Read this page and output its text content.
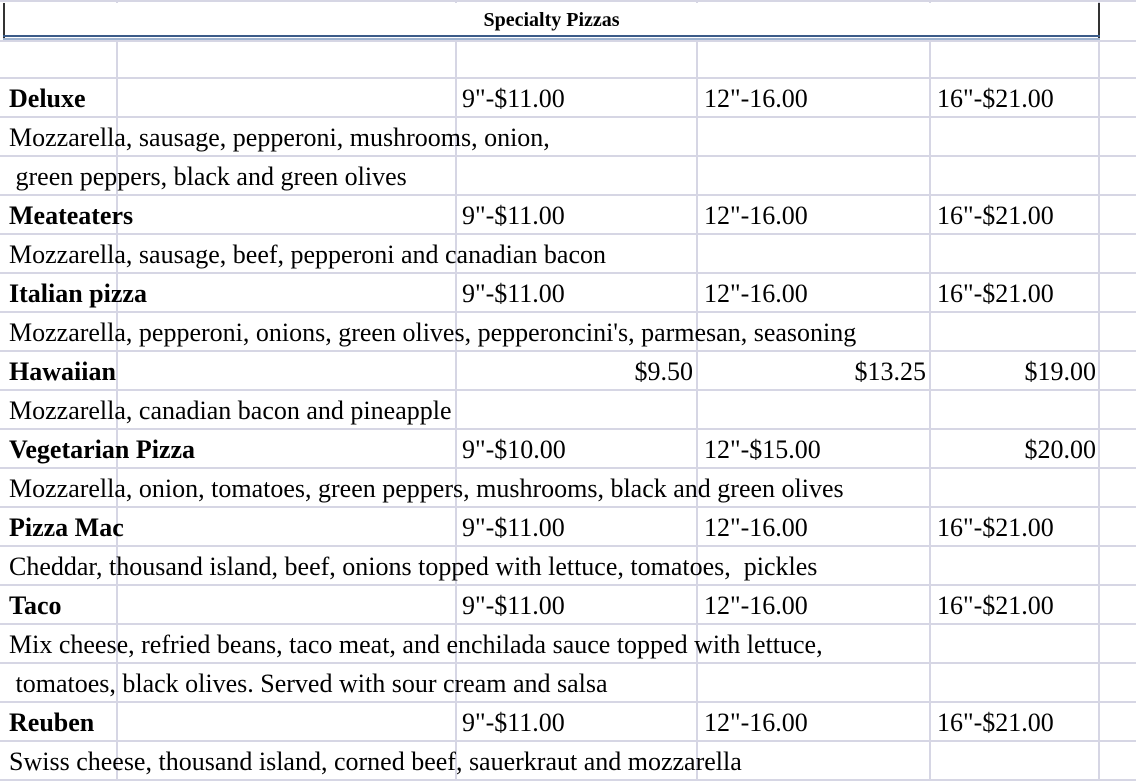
Specialty Pizzas
Deluxe	9"-$11.00	12"-16.00	16"-$21.00
Mozzarella, sausage, pepperoni, mushrooms, onion,
green peppers, black and green olives
Meateaters	9"-$11.00	12"-16.00	16"-$21.00
Mozzarella, sausage, beef, pepperoni and canadian bacon
Italian pizza	9"-$11.00	12"-16.00	16"-$21.00
Mozzarella, pepperoni, onions, green olives, pepperoncini's, parmesan, seasoning
Hawaiian	$9.50	$13.25	$19.00
Mozzarella, canadian bacon and pineapple
Vegetarian Pizza	9"-$10.00	12"-$15.00	$20.00
Mozzarella, onion, tomatoes, green peppers, mushrooms, black and green olives
Pizza Mac	9"-$11.00	12"-16.00	16"-$21.00
Cheddar, thousand island, beef, onions topped with lettuce, tomatoes,  pickles
Taco	9"-$11.00	12"-16.00	16"-$21.00
Mix cheese, refried beans, taco meat, and enchilada sauce topped with lettuce,
tomatoes, black olives. Served with sour cream and salsa
Reuben	9"-$11.00	12"-16.00	16"-$21.00
Swiss cheese, thousand island, corned beef, sauerkraut and mozzarella
